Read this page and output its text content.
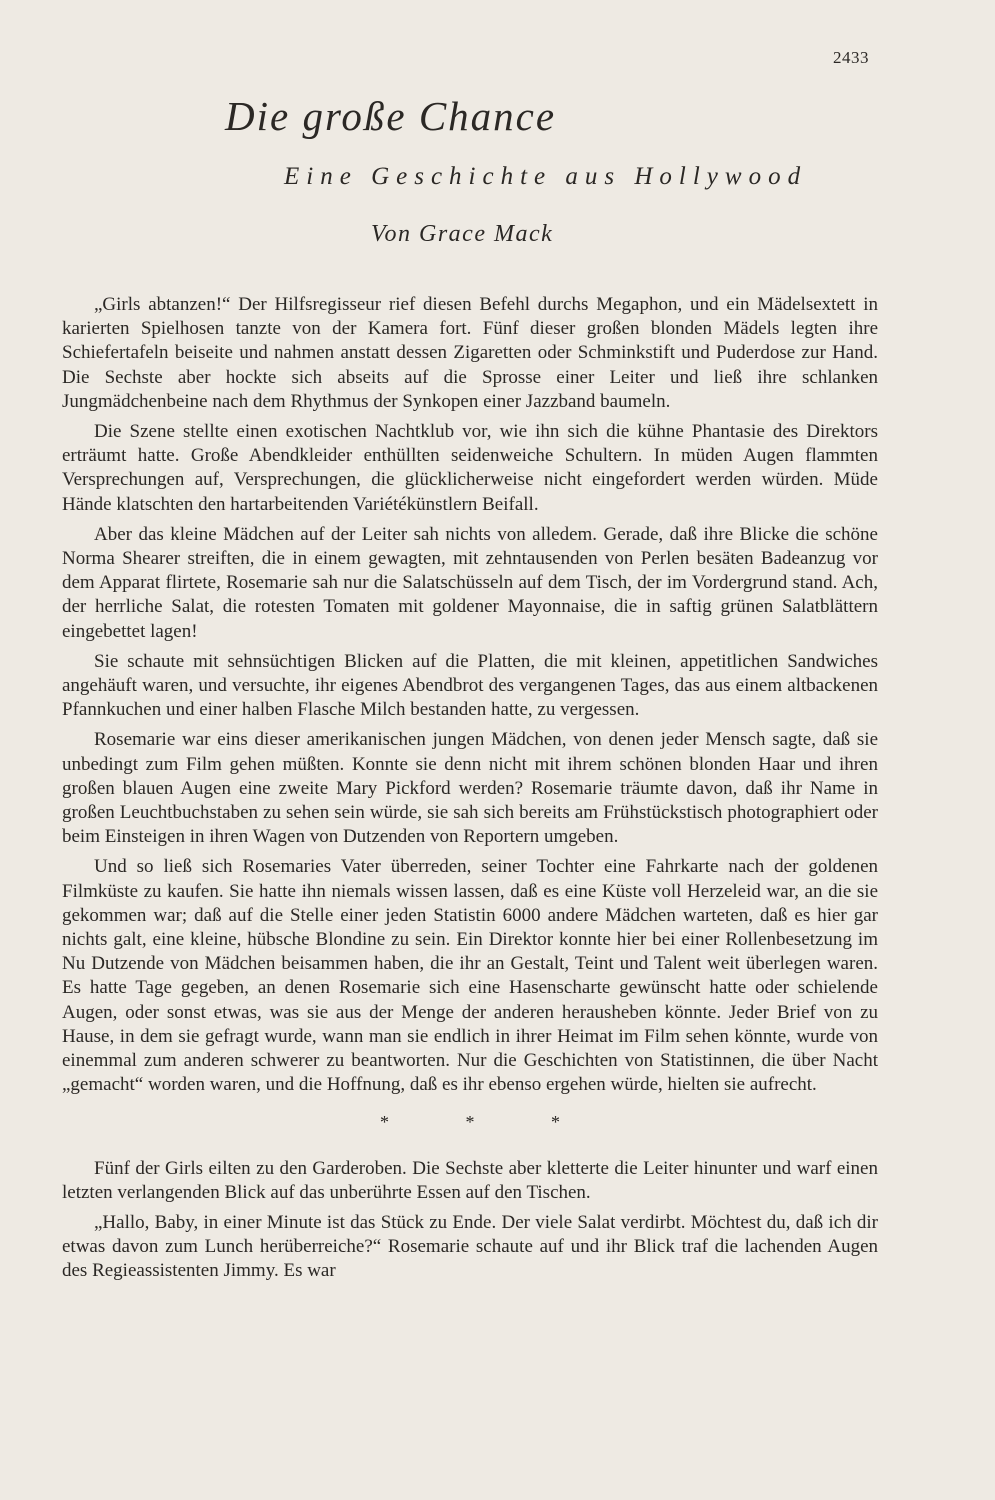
2433
Die große Chance
Eine Geschichte aus Hollywood
Von Grace Mack

„Girls abtanzen!“ Der Hilfsregisseur rief diesen Befehl durchs Megaphon, und ein Mädelsextett in karierten Spielhosen tanzte von der Kamera fort. Fünf dieser großen blonden Mädels legten ihre Schiefertafeln beiseite und nahmen anstatt dessen Zigaretten oder Schminkstift und Puderdose zur Hand. Die Sechste aber hockte sich abseits auf die Sprosse einer Leiter und ließ ihre schlanken Jungmädchenbeine nach dem Rhythmus der Synkopen einer Jazzband baumeln.

Die Szene stellte einen exotischen Nachtklub vor, wie ihn sich die kühne Phantasie des Direktors erträumt hatte. Große Abendkleider enthüllten seidenweiche Schultern. In müden Augen flammten Versprechungen auf, Versprechungen, die glücklicherweise nicht eingefordert werden würden. Müde Hände klatschten den hartarbeitenden Variétékünstlern Beifall.

Aber das kleine Mädchen auf der Leiter sah nichts von alledem. Gerade, daß ihre Blicke die schöne Norma Shearer streiften, die in einem gewagten, mit zehntausenden von Perlen besäten Badeanzug vor dem Apparat flirtete, Rosemarie sah nur die Salatschüsseln auf dem Tisch, der im Vordergrund stand. Ach, der herrliche Salat, die rotesten Tomaten mit goldener Mayonnaise, die in saftig grünen Salatblättern eingebettet lagen!

Sie schaute mit sehnsüchtigen Blicken auf die Platten, die mit kleinen, appetitlichen Sandwiches angehäuft waren, und versuchte, ihr eigenes Abendbrot des vergangenen Tages, das aus einem altbackenen Pfannkuchen und einer halben Flasche Milch bestanden hatte, zu vergessen.

Rosemarie war eins dieser amerikanischen jungen Mädchen, von denen jeder Mensch sagte, daß sie unbedingt zum Film gehen müßten. Konnte sie denn nicht mit ihrem schönen blonden Haar und ihren großen blauen Augen eine zweite Mary Pickford werden? Rosemarie träumte davon, daß ihr Name in großen Leuchtbuchstaben zu sehen sein würde, sie sah sich bereits am Frühstückstisch photographiert oder beim Einsteigen in ihren Wagen von Dutzenden von Reportern umgeben.

Und so ließ sich Rosemaries Vater überreden, seiner Tochter eine Fahrkarte nach der goldenen Filmküste zu kaufen. Sie hatte ihn niemals wissen lassen, daß es eine Küste voll Herzeleid war, an die sie gekommen war; daß auf die Stelle einer jeden Statistin 6000 andere Mädchen warteten, daß es hier gar nichts galt, eine kleine, hübsche Blondine zu sein. Ein Direktor konnte hier bei einer Rollenbesetzung im Nu Dutzende von Mädchen beisammen haben, die ihr an Gestalt, Teint und Talent weit überlegen waren. Es hatte Tage gegeben, an denen Rosemarie sich eine Hasenscharte gewünscht hatte oder schielende Augen, oder sonst etwas, was sie aus der Menge der anderen herausheben könnte. Jeder Brief von zu Hause, in dem sie gefragt wurde, wann man sie endlich in ihrer Heimat im Film sehen könnte, wurde von einemmal zum anderen schwerer zu beantworten. Nur die Geschichten von Statistinnen, die über Nacht „gemacht“ worden waren, und die Hoffnung, daß es ihr ebenso ergehen würde, hielten sie aufrecht.

* * *

Fünf der Girls eilten zu den Garderoben. Die Sechste aber kletterte die Leiter hinunter und warf einen letzten verlangenden Blick auf das unberührte Essen auf den Tischen.

„Hallo, Baby, in einer Minute ist das Stück zu Ende. Der viele Salat verdirbt. Möchtest du, daß ich dir etwas davon zum Lunch herüberreiche?“ Rosemarie schaute auf und ihr Blick traf die lachenden Augen des Regieassistenten Jimmy. Es war
